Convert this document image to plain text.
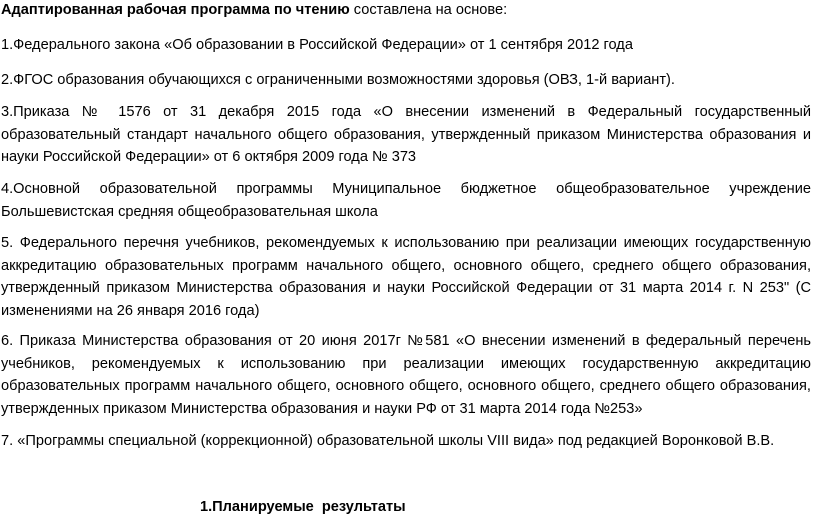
Адаптированная рабочая программа по чтению составлена на основе:
1.Федерального закона «Об образовании в Российской Федерации» от 1 сентября 2012 года
2.ФГОС образования обучающихся с ограниченными возможностями здоровья (ОВЗ, 1-й вариант).
3.Приказа № 1576 от 31 декабря 2015 года «О внесении изменений в Федеральный государственный образовательный стандарт начального общего образования, утвержденный приказом Министерства образования и науки Российской Федерации» от 6 октября 2009 года № 373
4.Основной образовательной программы Муниципальное бюджетное общеобразовательное учреждение Большевистская средняя общеобразовательная школа
5. Федерального перечня учебников, рекомендуемых к использованию при реализации имеющих государственную аккредитацию образовательных программ начального общего, основного общего, среднего общего образования, утвержденный приказом Министерства образования и науки Российской Федерации от 31 марта 2014 г. N 253" (С изменениями на 26 января 2016 года)
6. Приказа Министерства образования от 20 июня 2017г №581 «О внесении изменений в федеральный перечень учебников, рекомендуемых к использованию при реализации имеющих государственную аккредитацию образовательных программ начального общего, основного общего, основного общего, среднего общего образования, утвержденных приказом Министерства образования и науки РФ от 31 марта 2014 года №253»
7. «Программы специальной (коррекционной) образовательной школы VIII вида» под редакцией Воронковой В.В.
1.Планируемые  результаты
